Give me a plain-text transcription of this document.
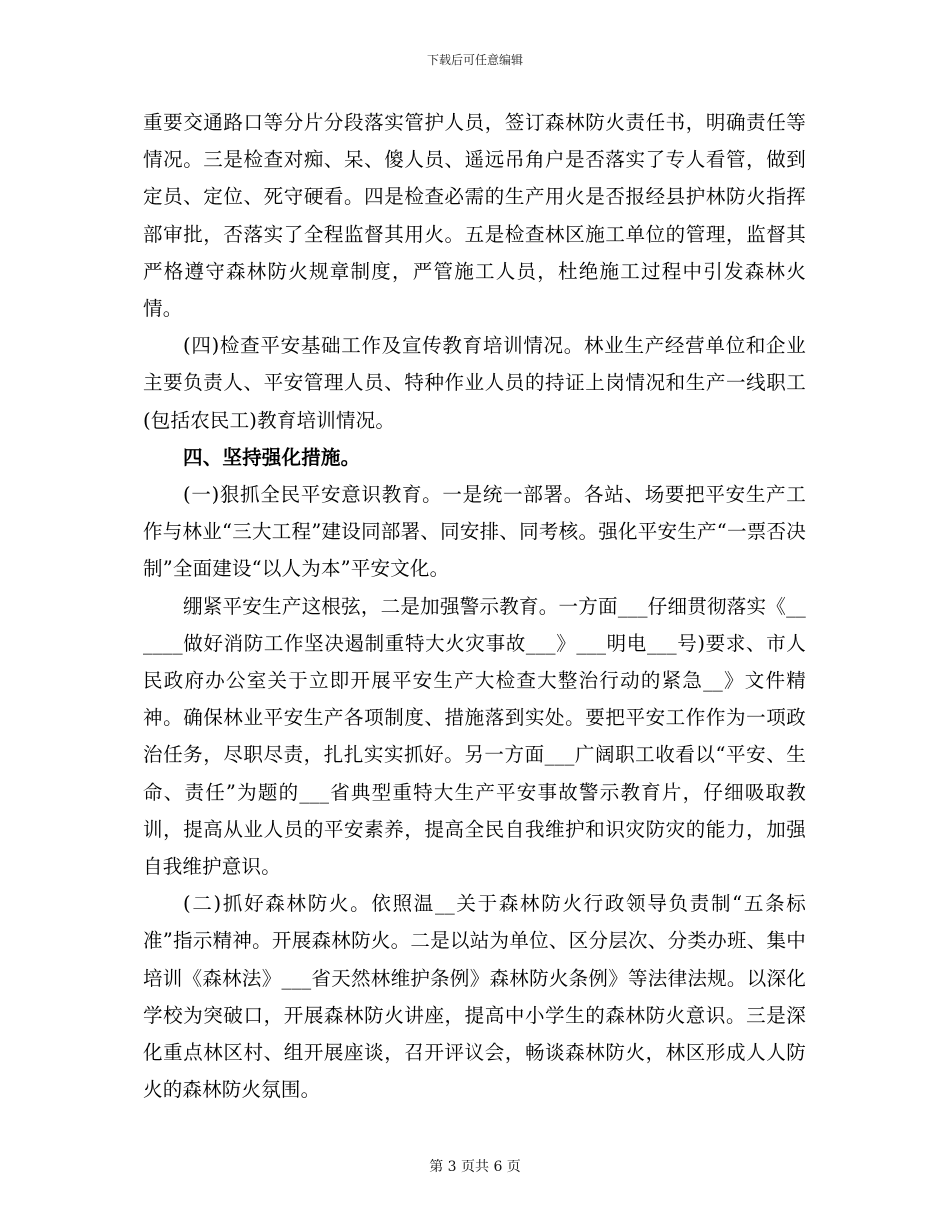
下载后可任意编辑

重要交通路口等分片分段落实管护人员，签订森林防火责任书，明确责任等情况。三是检查对痴、呆、傻人员、遥远吊角户是否落实了专人看管，做到定员、定位、死守硬看。四是检查必需的生产用火是否报经县护林防火指挥部审批，否落实了全程监督其用火。五是检查林区施工单位的管理，监督其严格遵守森林防火规章制度，严管施工人员，杜绝施工过程中引发森林火情。

(四)检查平安基础工作及宣传教育培训情况。林业生产经营单位和企业主要负责人、平安管理人员、特种作业人员的持证上岗情况和生产一线职工(包括农民工)教育培训情况。

四、坚持强化措施。

(一)狠抓全民平安意识教育。一是统一部署。各站、场要把平安生产工作与林业“三大工程”建设同部署、同安排、同考核。强化平安生产“一票否决制”全面建设“以人为本”平安文化。

绷紧平安生产这根弦，二是加强警示教育。一方面___仔细贯彻落实《______做好消防工作坚决遏制重特大火灾事故___》___明电___号)要求、市人民政府办公室关于立即开展平安生产大检查大整治行动的紧急__》文件精神。确保林业平安生产各项制度、措施落到实处。要把平安工作作为一项政治任务，尽职尽责，扎扎实实抓好。另一方面___广阔职工收看以“平安、生命、责任”为题的___省典型重特大生产平安事故警示教育片，仔细吸取教训，提高从业人员的平安素养，提高全民自我维护和识灾防灾的能力，加强自我维护意识。

(二)抓好森林防火。依照温__关于森林防火行政领导负责制“五条标准”指示精神。开展森林防火。二是以站为单位、区分层次、分类办班、集中培训《森林法》___省天然林维护条例》森林防火条例》等法律法规。以深化学校为突破口，开展森林防火讲座，提高中小学生的森林防火意识。三是深化重点林区村、组开展座谈，召开评议会，畅谈森林防火，林区形成人人防火的森林防火氛围。

第 3 页共 6 页
